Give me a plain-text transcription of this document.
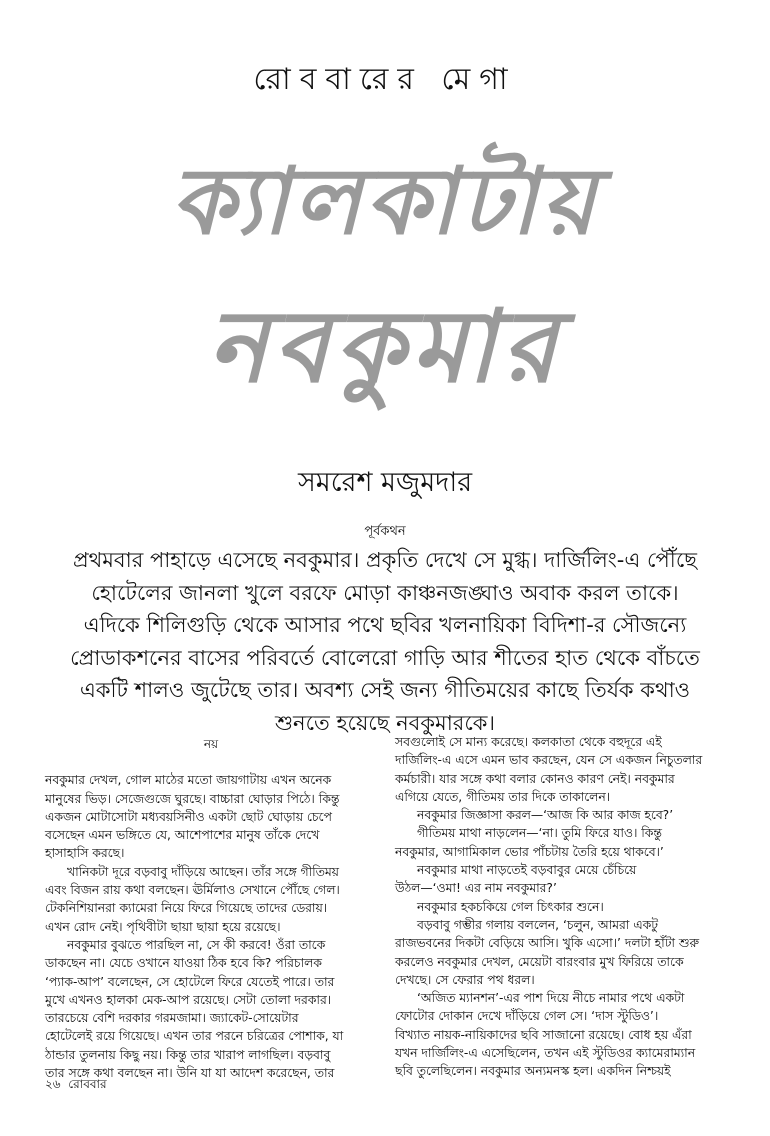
রোববারের মেগা
ক্যালকাটায়
নবকুমার
সমরেশ মজুমদার
পূর্বকথন
প্রথমবার পাহাড়ে এসেছে নবকুমার। প্রকৃতি দেখে সে মুগ্ধ। দার্জিলিং-এ পৌঁছে
হোটেলের জানলা খুলে বরফে মোড়া কাঞ্চনজঙ্ঘাও অবাক করল তাকে।
এদিকে শিলিগুড়ি থেকে আসার পথে ছবির খলনায়িকা বিদিশা-র সৌজন্যে
প্রোডাকশনের বাসের পরিবর্তে বোলেরো গাড়ি আর শীতের হাত থেকে বাঁচতে
একটি শালও জুটেছে তার। অবশ্য সেই জন্য গীতিময়ের কাছে তির্যক কথাও
শুনতে হয়েছে নবকুমারকে।
নয়
নবকুমার দেখল, গোল মাঠের মতো জায়গাটায় এখন অনেক
মানুষের ভিড়। সেজেগুজে ঘুরছে। বাচ্চারা ঘোড়ার পিঠে। কিন্তু
একজন মোটাসোটা মধ্যবয়সিনীও একটা ছোট ঘোড়ায় চেপে
বসেছেন এমন ভঙ্গিতে যে, আশেপাশের মানুষ তাঁকে দেখে
হাসাহাসি করছে।
খানিকটা দূরে বড়বাবু দাঁড়িয়ে আছেন। তাঁর সঙ্গে গীতিময়
এবং বিজন রায় কথা বলছেন। ঊর্মিলাও সেখানে পৌঁছে গেল।
টেকনিশিয়ানরা ক্যামেরা নিয়ে ফিরে গিয়েছে তাদের ডেরায়।
এখন রোদ নেই। পৃথিবীটা ছায়া ছায়া হয়ে রয়েছে।
নবকুমার বুঝতে পারছিল না, সে কী করবে! ওঁরা তাকে
ডাকছেন না। যেচে ওখানে যাওয়া ঠিক হবে কি? পরিচালক
‘প্যাক-আপ’ বলেছেন, সে হোটেলে ফিরে যেতেই পারে। তার
মুখে এখনও হালকা মেক-আপ রয়েছে। সেটা তোলা দরকার।
তারচেয়ে বেশি দরকার গরমজামা। জ্যাকেট-সোয়েটার
হোটেলেই রয়ে গিয়েছে। এখন তার পরনে চরিত্রের পোশাক, যা
ঠান্ডার তুলনায় কিছু নয়। কিন্তু তার খারাপ লাগছিল। বড়বাবু
তার সঙ্গে কথা বলছেন না। উনি যা যা আদেশ করেছেন, তার
সবগুলোই সে মান্য করেছে। কলকাতা থেকে বহুদূরে এই
দার্জিলিং-এ এসে এমন ভাব করছেন, যেন সে একজন নিচুতলার
কর্মচারী। যার সঙ্গে কথা বলার কোনও কারণ নেই। নবকুমার
এগিয়ে যেতে, গীতিময় তার দিকে তাকালেন।
নবকুমার জিজ্ঞাসা করল—‘আজ কি আর কাজ হবে?’
গীতিময় মাথা নাড়লেন—‘না। তুমি ফিরে যাও। কিন্তু
নবকুমার, আগামিকাল ভোর পাঁচটায় তৈরি হয়ে থাকবে।’
নবকুমার মাথা নাড়তেই বড়বাবুর মেয়ে চেঁচিয়ে
উঠল—‘ওমা! এর নাম নবকুমার?’
নবকুমার হকচকিয়ে গেল চিৎকার শুনে।
বড়বাবু গম্ভীর গলায় বললেন, ‘চলুন, আমরা একটু
রাজভবনের দিকটা বেড়িয়ে আসি। খুকি এসো।’ দলটা হাঁটা শুরু
করলেও নবকুমার দেখল, মেয়েটা বারংবার মুখ ফিরিয়ে তাকে
দেখছে। সে ফেরার পথ ধরল।
‘অজিত ম্যানশন’-এর পাশ দিয়ে নীচে নামার পথে একটা
ফোটোর দোকান দেখে দাঁড়িয়ে গেল সে। ‘দাস স্টুডিও’।
বিখ্যাত নায়ক-নায়িকাদের ছবি সাজানো রয়েছে। বোধ হয় এঁরা
যখন দার্জিলিং-এ এসেছিলেন, তখন এই স্টুডিওর ক্যামেরাম্যান
ছবি তুলেছিলেন। নবকুমার অন্যমনস্ক হল। একদিন নিশ্চয়ই
২৬ রোববার
